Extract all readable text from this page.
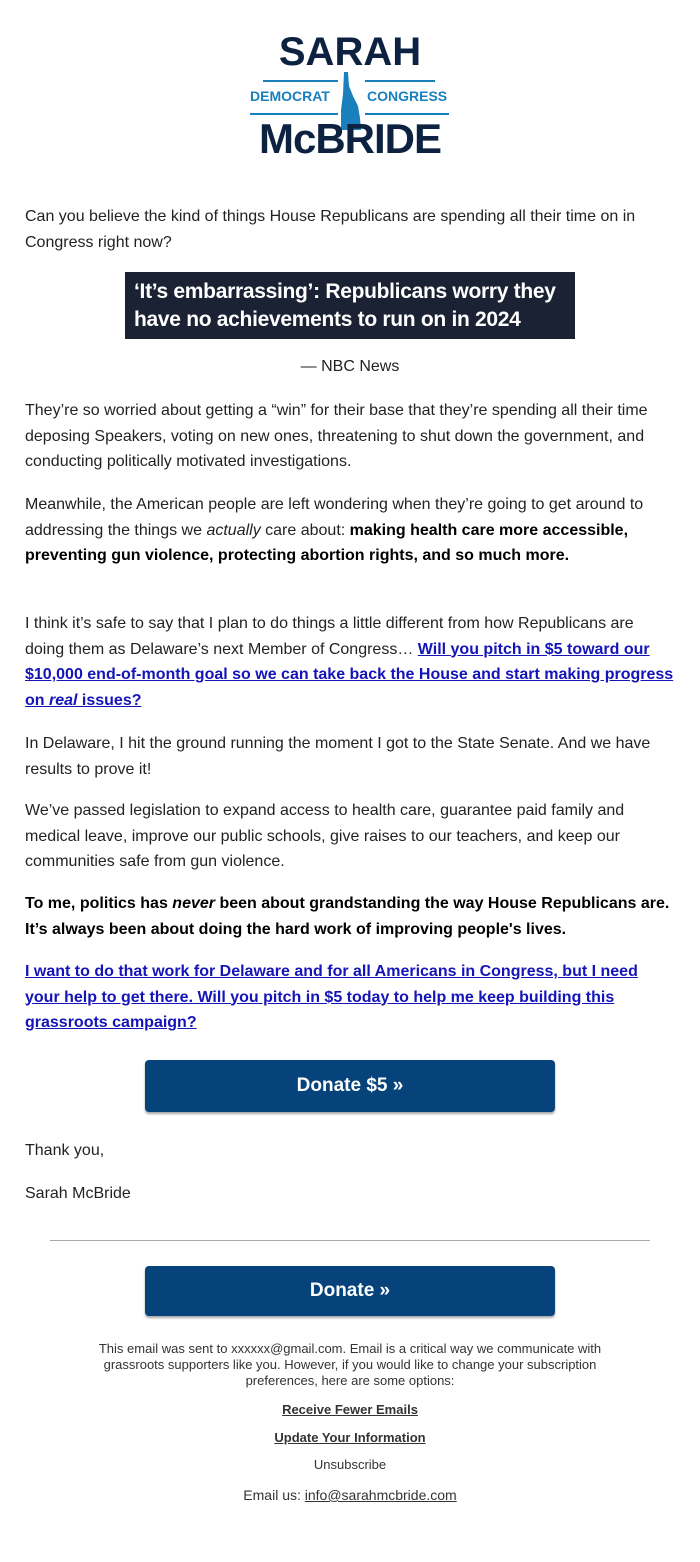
SARAH
DEMOCRAT	CONGRESS
McBRIDE

Can you believe the kind of things House Republicans are spending all their time on in Congress right now?

‘It’s embarrassing’: Republicans worry they
have no achievements to run on in 2024
— NBC News

They’re so worried about getting a “win” for their base that they’re spending all their time deposing Speakers, voting on new ones, threatening to shut down the government, and conducting politically motivated investigations.

Meanwhile, the American people are left wondering when they’re going to get around to addressing the things we actually care about: making health care more accessible, preventing gun violence, protecting abortion rights, and so much more.

I think it’s safe to say that I plan to do things a little different from how Republicans are doing them as Delaware’s next Member of Congress… Will you pitch in $5 toward our $10,000 end-of-month goal so we can take back the House and start making progress on real issues?

In Delaware, I hit the ground running the moment I got to the State Senate. And we have results to prove it!

We’ve passed legislation to expand access to health care, guarantee paid family and medical leave, improve our public schools, give raises to our teachers, and keep our communities safe from gun violence.

To me, politics has never been about grandstanding the way House Republicans are. It’s always been about doing the hard work of improving people's lives.

I want to do that work for Delaware and for all Americans in Congress, but I need your help to get there. Will you pitch in $5 today to help me keep building this grassroots campaign?

Donate $5 »

Thank you,

Sarah McBride

Donate »
This email was sent to xxxxxx@gmail.com. Email is a critical way we communicate with grassroots supporters like you. However, if you would like to change your subscription preferences, here are some options:
Receive Fewer Emails
Update Your Information
Unsubscribe
Email us: info@sarahmcbride.com
